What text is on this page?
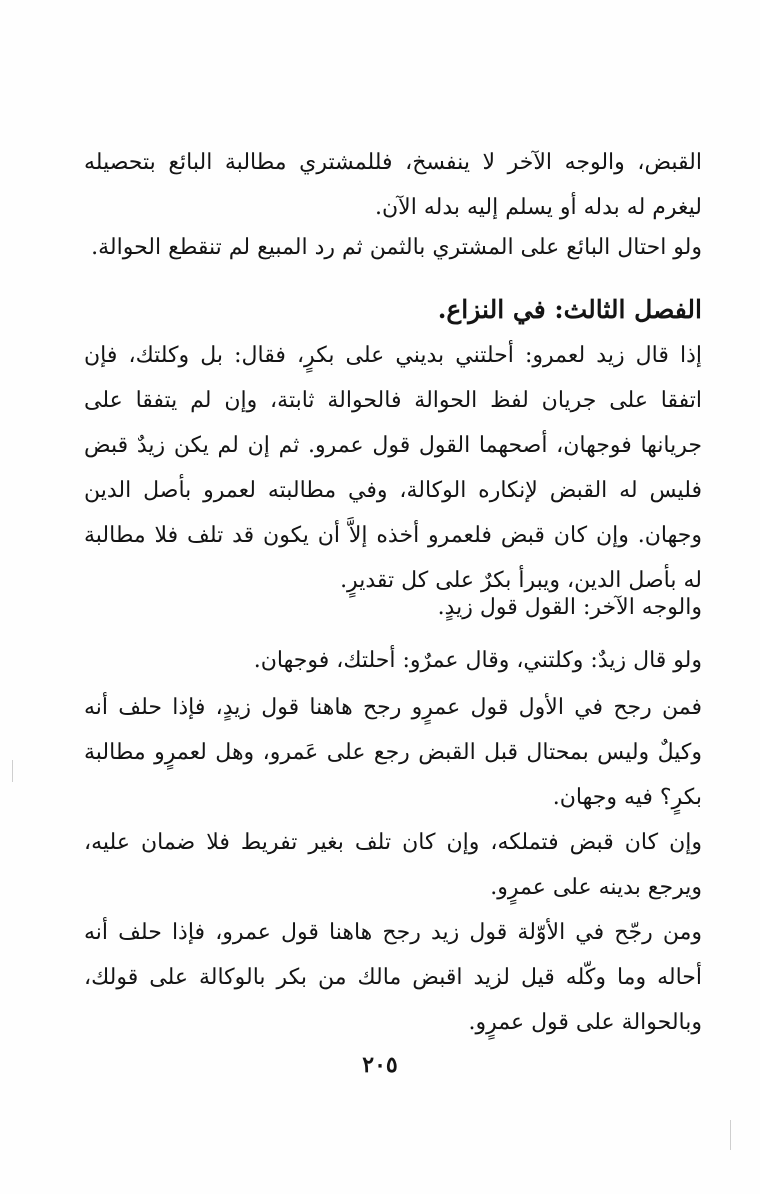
القبض، والوجه الآخر لا ينفسخ، فللمشتري مطالبة البائع بتحصيله ليغرم له بدله أو يسلم إليه بدله الآن.

ولو احتال البائع على المشتري بالثمن ثم رد المبيع لم تنقطع الحوالة.

الفصل الثالث: في النزاع.

إذا قال زيد لعمرو: أحلتني بديني على بكرٍ، فقال: بل وكلتك، فإن اتفقا على جريان لفظ الحوالة فالحوالة ثابتة، وإن لم يتفقا على جريانها فوجهان، أصحهما القول قول عمرو. ثم إن لم يكن زيدٌ قبض فليس له القبض لإنكاره الوكالة، وفي مطالبته لعمرو بأصل الدين وجهان. وإن كان قبض فلعمرو أخذه إلاَّ أن يكون قد تلف فلا مطالبة له بأصل الدين، ويبرأ بكرٌ على كل تقديرٍ.

والوجه الآخر: القول قول زيدٍ.

ولو قال زيدٌ: وكلتني، وقال عمرٌو: أحلتك، فوجهان.

فمن رجح في الأول قول عمرٍو رجح هاهنا قول زيدٍ، فإذا حلف أنه وكيلٌ وليس بمحتال قبل القبض رجع على عَمرو، وهل لعمرٍو مطالبة بكرٍ؟ فيه وجهان.

وإن كان قبض فتملكه، وإن كان تلف بغير تفريط فلا ضمان عليه، ويرجع بدينه على عمرٍو.

ومن رجّح في الأوّلة قول زيد رجح هاهنا قول عمرو، فإذا حلف أنه أحاله وما وكّله قيل لزيد اقبض مالك من بكر بالوكالة على قولك، وبالحوالة على قول عمرٍو.

٢٠٥
